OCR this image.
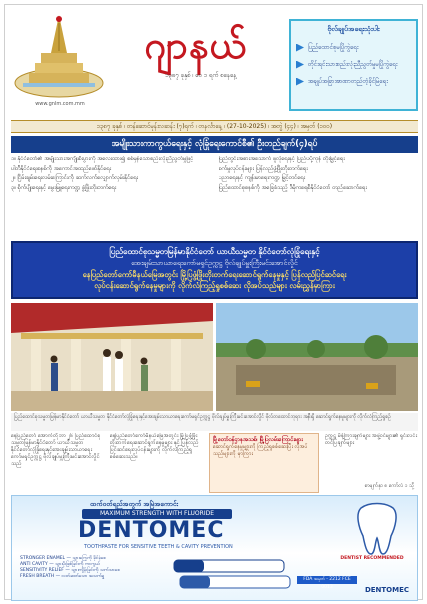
www.gnlm.com.mm
ဂျာနယ်
၁၃၈၇ ခုနှစ် ၊ ဝေ ၁ ရက် စနေနေ့
ဗိုလ်ချုပ်အရေးသုံးပါး
ပြည်ထောင်စုမပြိုကွဲရေး
တိုင်းရင်းသားစည်းလုံးညီညွတ်မှုမပြိုကွဲရေး
အချုပ်အခြာအာဏာတည်တံ့ခိုင်မြဲရေး
၁၃၈၇ ခုနှစ် ၊ တန်ဆောင်မုန်းလဆန်း (၇)ရက် ၊ တနင်္လာနေ့ ၊ (27-10-2025) ၊ အတွဲ (၄၄) ၊ အမှတ် (၁၀၀)
အမျိုးသားကာကွယ်ရေးနှင့် လုံခြုံရေးကောင်စီ၏ ဦးတည်ချက်(၄)ရပ်

၁။ နိုင်ငံတော်၏ အမျိုးသားအကျိုးစီးပွားကို အလေးထား၍ စစ်မှန်သောစည်းလုံးညီညွတ်မှုဖြင့်

ပါတီနိုင်ငံရေးစနစ်ကို အကောင်အထည်ဖော်နိုင်ရေး

၂။ ငြိမ်းချမ်းရေးလမ်းကြောင်းကို ဆက်လက်လျှောက်လှမ်းနိုင်ရေး

၃။ စိုက်ပျိုးရေးနှင့် မွေးမြူရေးကဏ္ဍ ဖွံ့ဖြိုးတိုးတက်ရေး

ပြည်တွင်းအစားအသောက် ဖူလုံရေးနှင့် ပြည်ပပို့ကုန် တိုးမြှင့်ရေး

စက်မှုလုပ်ငန်းများ ပြန်လည်ဖွံ့ဖြိုးတိုးတက်ရေး

ပညာရေးနှင့် ကျန်းမာရေးကဏ္ဍ မြှင့်တင်ရေး

ပြည်ထောင်စုစနစ်ကို အခြေခံသည့် ဒီမိုကရေစီနိုင်ငံတော် တည်ဆောက်ရေး

ပြည်ထောင်စုသမ္မတမြန်မာနိုင်ငံတော် ယာယီသမ္မတ နိုင်ငံတော်လုံခြုံရေးနှင့်
အေးချမ်းသာယာရေးကော်မရှင်ဥက္ကဋ္ဌ ဗိုလ်ချုပ်မှူးကြီးမင်းအောင်လှိုင်
နေပြည်တော်ကော်မီနယ်မြေအတွင်း မြို့ပြဖွံ့ဖြိုးတိုးတက်ရေးဆောင်ရွက်နေမှုနှင့် ပြန်လည်ပြင်ဆင်ရေး
လုပ်ငန်းဆောင်ရွက်နေမှုများကို လိုက်လံကြည့်ရှုစစ်ဆေး လိုအပ်သည်များ လမ်းညွှန်မှာကြား
ပြည်ထောင်စုသမ္မတမြန်မာနိုင်ငံတော် ယာယီသမ္မတ နိုင်ငံတော်လုံခြုံရေးနှင့်အေးချမ်းသာယာရေးကော်မရှင်ဥက္ကဋ္ဌ ဗိုလ်ချုပ်မှူးကြီးမင်းအောင်လှိုင် ဗိုလ်တထောင်ဘုရား အနီးရှိ ဆောင်ရွက်နေမှုများကို လိုက်လံကြည့်ရှုစဉ်
နေပြည်တော် အောက်တိုဘာ ၂၆ ပြည်ထောင်စုသမ္မတမြန်မာနိုင်ငံတော် ယာယီသမ္မတ နိုင်ငံတော်လုံခြုံရေးနှင့်အေးချမ်းသာယာရေးကော်မရှင်ဥက္ကဋ္ဌ ဗိုလ်ချုပ်မှူးကြီးမင်းအောင်လှိုင်သည်
နေပြည်တော်ကော်မီနယ်မြေအတွင်း မြို့ပြဖွံ့ဖြိုးတိုးတက်ရေးဆောင်ရွက်နေမှုများ နှင့် ပြန်လည်ပြင်ဆင်ရေးလုပ်ငန်းများကို လိုက်လံကြည့်ရှုစစ်ဆေးသည်။
မြို့တော်ဝန်ဌာနအသစ်၊ မြို့ပြလမ်းကြောင်းများ
ဆောင်ရွက်နေမှုများကို ကြည့်ရှုစစ်ဆေးပြီး လိုအပ်သည်များကို မှာကြား
ဥက္ကဋ္ဌ မိန့်ကြားချက်များ အဖွဲ့ဝင်များ၏ ရှင်းလင်းတင်ပြချက်များ
စာမျက်နှာ ၈ ကော်လံ ၁ သို့
ထက်ဝတ်ရည်အတွက် အမြဲအကောင်း
MAXIMUM STRENGTH WITH FLUORIDE
DENTOMEC
TOOTHPASTE FOR SENSITIVE TEETH & CAVITY PREVENTION
STRONGER ENAMEL — သွားကြွေကို ခိုင်ခံ့စေ
ANTI CAVITY — သွားပိုးဖြစ်ခြင်းကို ကာကွယ်
SENSITIVITY RELIEF — သွားကျိန်းခြင်းကို သက်သာစေ
FRESH BREATH — လတ်ဆတ်သော အသက်ရှူ
DENTIST RECOMMENDED
FDA အမှတ် - 2212 FCE 0013	DENTOMEC
